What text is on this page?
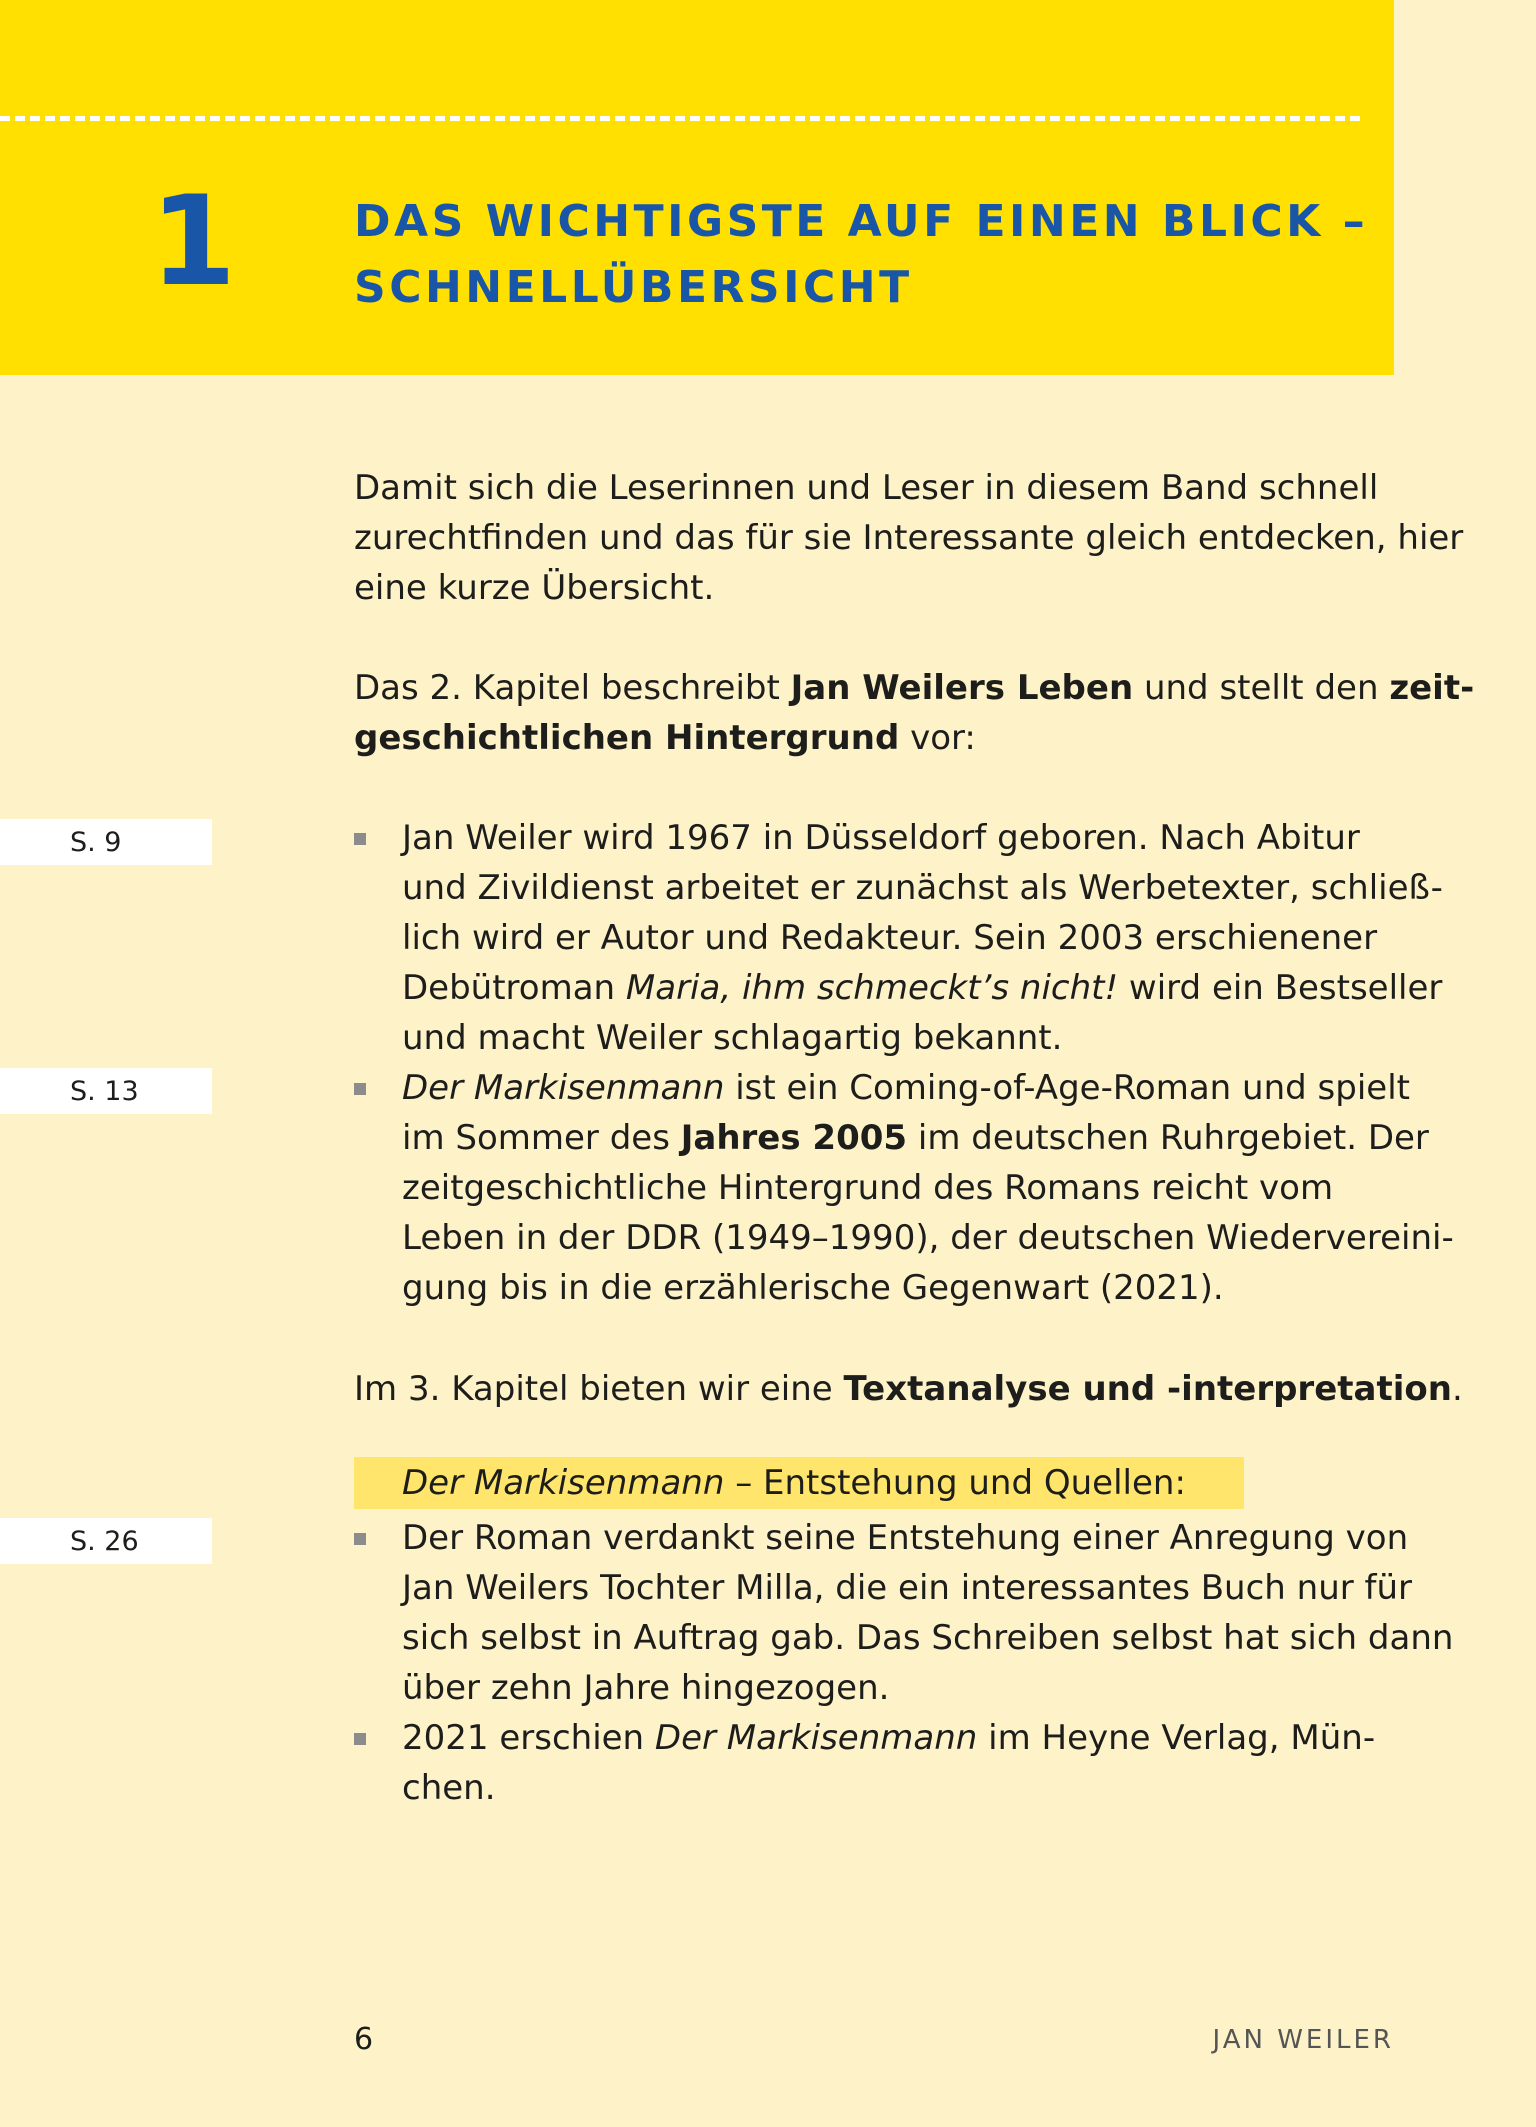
1	DAS WICHTIGSTE AUF EINEN BLICK –
SCHNELLÜBERSICHT
Damit sich die Leserinnen und Leser in diesem Band schnell
zurechtfinden und das für sie Interessante gleich entdecken, hier
eine kurze Übersicht.
Das 2. Kapitel beschreibt Jan Weilers Leben und stellt den zeit-
geschichtlichen Hintergrund vor:
S. 9
S. 13
S. 26
Jan Weiler wird 1967 in Düsseldorf geboren. Nach Abitur
und Zivildienst arbeitet er zunächst als Werbetexter, schließ-
lich wird er Autor und Redakteur. Sein 2003 erschienener
Debütroman Maria, ihm schmeckt’s nicht! wird ein Bestseller
und macht Weiler schlagartig bekannt.
Der Markisenmann ist ein Coming-of-Age-Roman und spielt
im Sommer des Jahres 2005 im deutschen Ruhrgebiet. Der
zeitgeschichtliche Hintergrund des Romans reicht vom
Leben in der DDR (1949–1990), der deutschen Wiedervereini-
gung bis in die erzählerische Gegenwart (2021).
Im 3. Kapitel bieten wir eine Textanalyse und -interpretation.
Der Markisenmann – Entstehung und Quellen:
Der Roman verdankt seine Entstehung einer Anregung von
Jan Weilers Tochter Milla, die ein interessantes Buch nur für
sich selbst in Auftrag gab. Das Schreiben selbst hat sich dann
über zehn Jahre hingezogen.
2021 erschien Der Markisenmann im Heyne Verlag, Mün-
chen.
6	JAN WEILER
